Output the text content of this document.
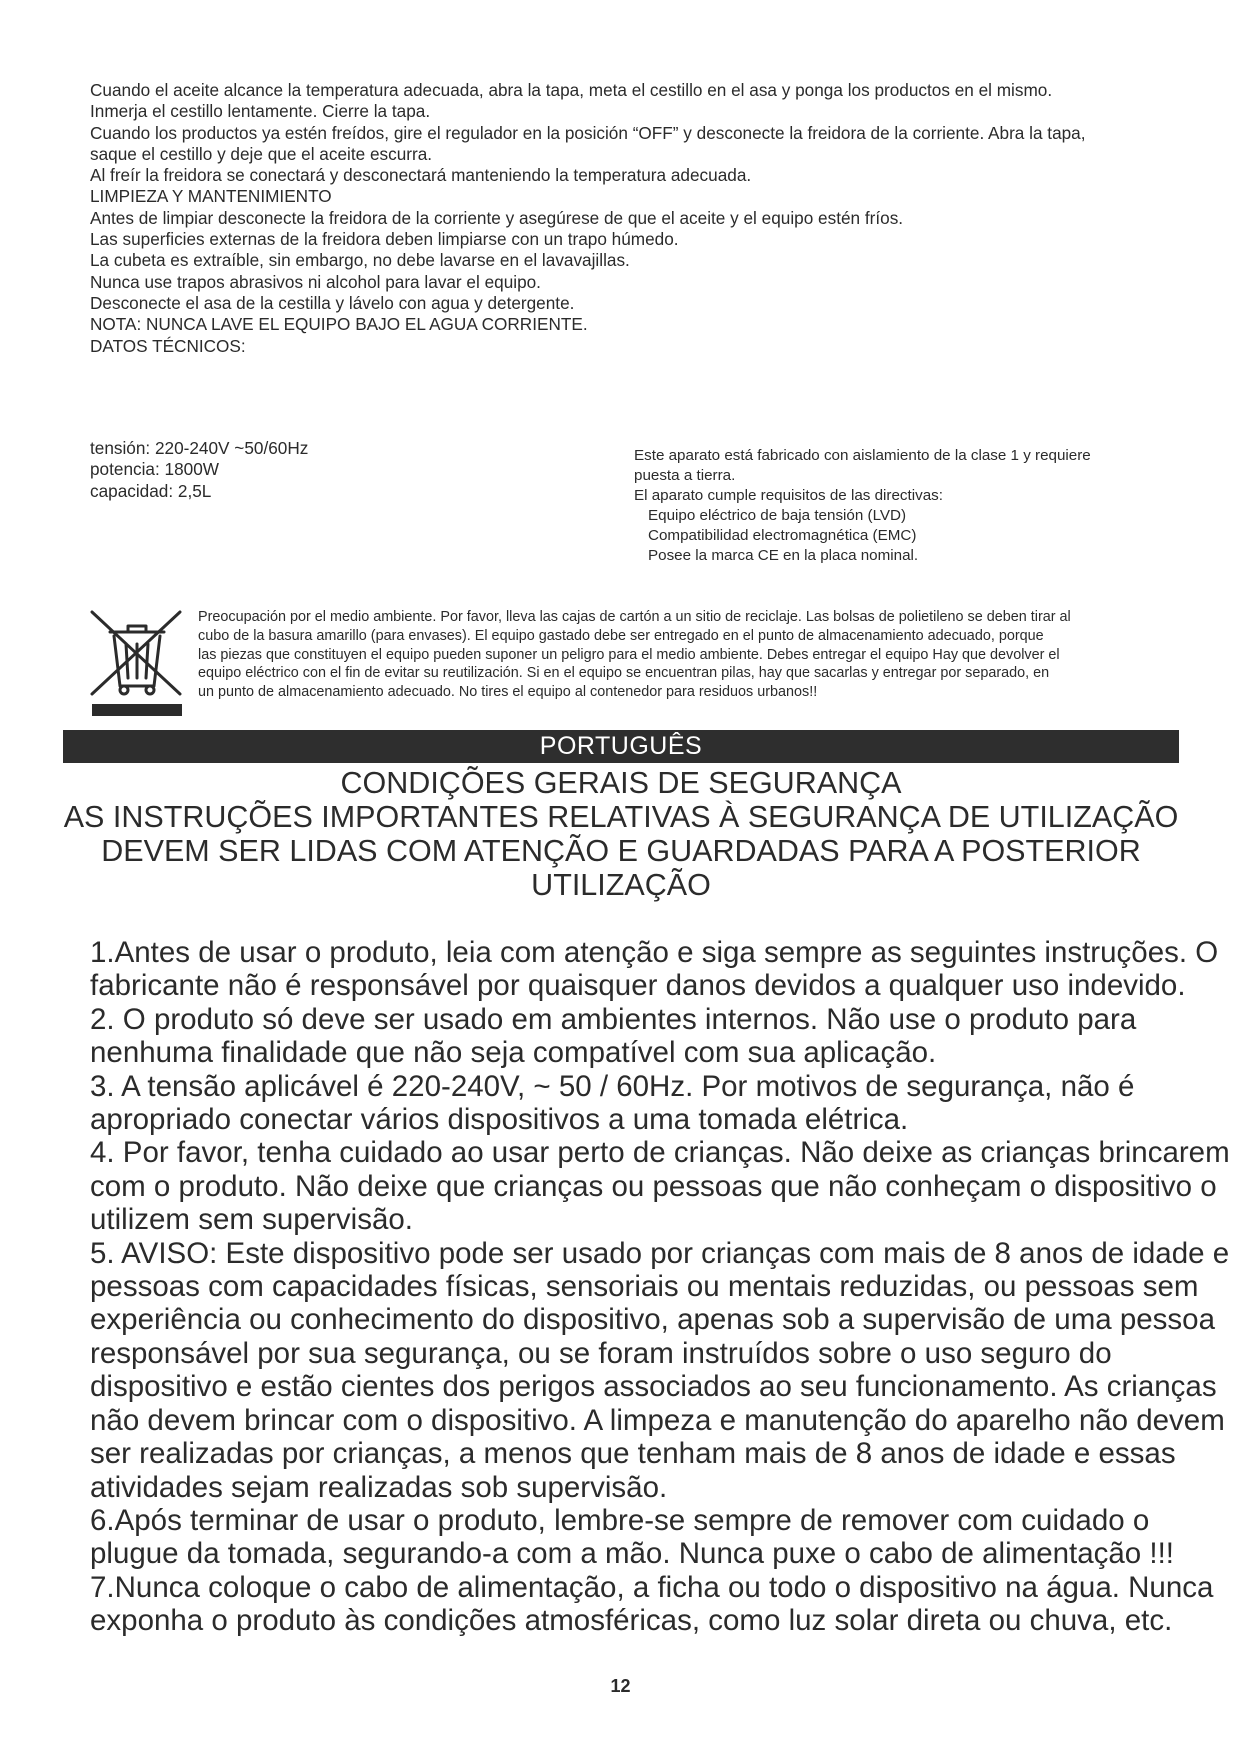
Cuando el aceite alcance la temperatura adecuada, abra la tapa, meta el cestillo en el asa y ponga los productos en el mismo.
Inmerja el cestillo lentamente. Cierre la tapa.
Cuando los productos ya estén freídos, gire el regulador en la posición “OFF” y desconecte la freidora de la corriente. Abra la tapa,
saque el cestillo y deje que el aceite escurra.
Al freír la freidora se conectará y desconectará manteniendo la temperatura adecuada.
LIMPIEZA Y MANTENIMIENTO
Antes de limpiar desconecte la freidora de la corriente y asegúrese de que el aceite y el equipo estén fríos.
Las superficies externas de la freidora deben limpiarse con un trapo húmedo.
La cubeta es extraíble, sin embargo, no debe lavarse en el lavavajillas.
Nunca use trapos abrasivos ni alcohol para lavar el equipo.
Desconecte el asa de la cestilla y lávelo con agua y detergente.
NOTA: NUNCA LAVE EL EQUIPO BAJO EL AGUA CORRIENTE.
DATOS TÉCNICOS:
tensión: 220-240V ~50/60Hz
potencia: 1800W
capacidad: 2,5L
Este aparato está fabricado con aislamiento de la clase 1 y requiere
puesta a tierra.
El aparato cumple requisitos de las directivas:
Equipo eléctrico de baja tensión (LVD)
Compatibilidad electromagnética (EMC)
Posee la marca CE en la placa nominal.
Preocupación por el medio ambiente. Por favor, lleva las cajas de cartón a un sitio de reciclaje. Las bolsas de polietileno se deben tirar al
cubo de la basura amarillo (para envases). El equipo gastado debe ser entregado en el punto de almacenamiento adecuado, porque
las piezas que constituyen el equipo pueden suponer un peligro para el medio ambiente. Debes entregar el equipo Hay que devolver el
equipo eléctrico con el fin de evitar su reutilización. Si en el equipo se encuentran pilas, hay que sacarlas y entregar por separado, en
un punto de almacenamiento adecuado. No tires el equipo al contenedor para residuos urbanos!!
PORTUGUÊS
CONDIÇÕES GERAIS DE SEGURANÇA
AS INSTRUÇÕES IMPORTANTES RELATIVAS À SEGURANÇA DE UTILIZAÇÃO
DEVEM SER LIDAS COM ATENÇÃO E GUARDADAS PARA A POSTERIOR
UTILIZAÇÃO
1.Antes de usar o produto, leia com atenção e siga sempre as seguintes instruções. O
fabricante não é responsável por quaisquer danos devidos a qualquer uso indevido.
2. O produto só deve ser usado em ambientes internos. Não use o produto para
nenhuma finalidade que não seja compatível com sua aplicação.
3. A tensão aplicável é 220-240V, ~ 50 / 60Hz. Por motivos de segurança, não é
apropriado conectar vários dispositivos a uma tomada elétrica.
4. Por favor, tenha cuidado ao usar perto de crianças. Não deixe as crianças brincarem
com o produto. Não deixe que crianças ou pessoas que não conheçam o dispositivo o
utilizem sem supervisão.
5. AVISO: Este dispositivo pode ser usado por crianças com mais de 8 anos de idade e
pessoas com capacidades físicas, sensoriais ou mentais reduzidas, ou pessoas sem
experiência ou conhecimento do dispositivo, apenas sob a supervisão de uma pessoa
responsável por sua segurança, ou se foram instruídos sobre o uso seguro do
dispositivo e estão cientes dos perigos associados ao seu funcionamento. As crianças
não devem brincar com o dispositivo. A limpeza e manutenção do aparelho não devem
ser realizadas por crianças, a menos que tenham mais de 8 anos de idade e essas
atividades sejam realizadas sob supervisão.
6.Após terminar de usar o produto, lembre-se sempre de remover com cuidado o
plugue da tomada, segurando-a com a mão. Nunca puxe o cabo de alimentação !!!
7.Nunca coloque o cabo de alimentação, a ficha ou todo o dispositivo na água. Nunca
exponha o produto às condições atmosféricas, como luz solar direta ou chuva, etc.
12
